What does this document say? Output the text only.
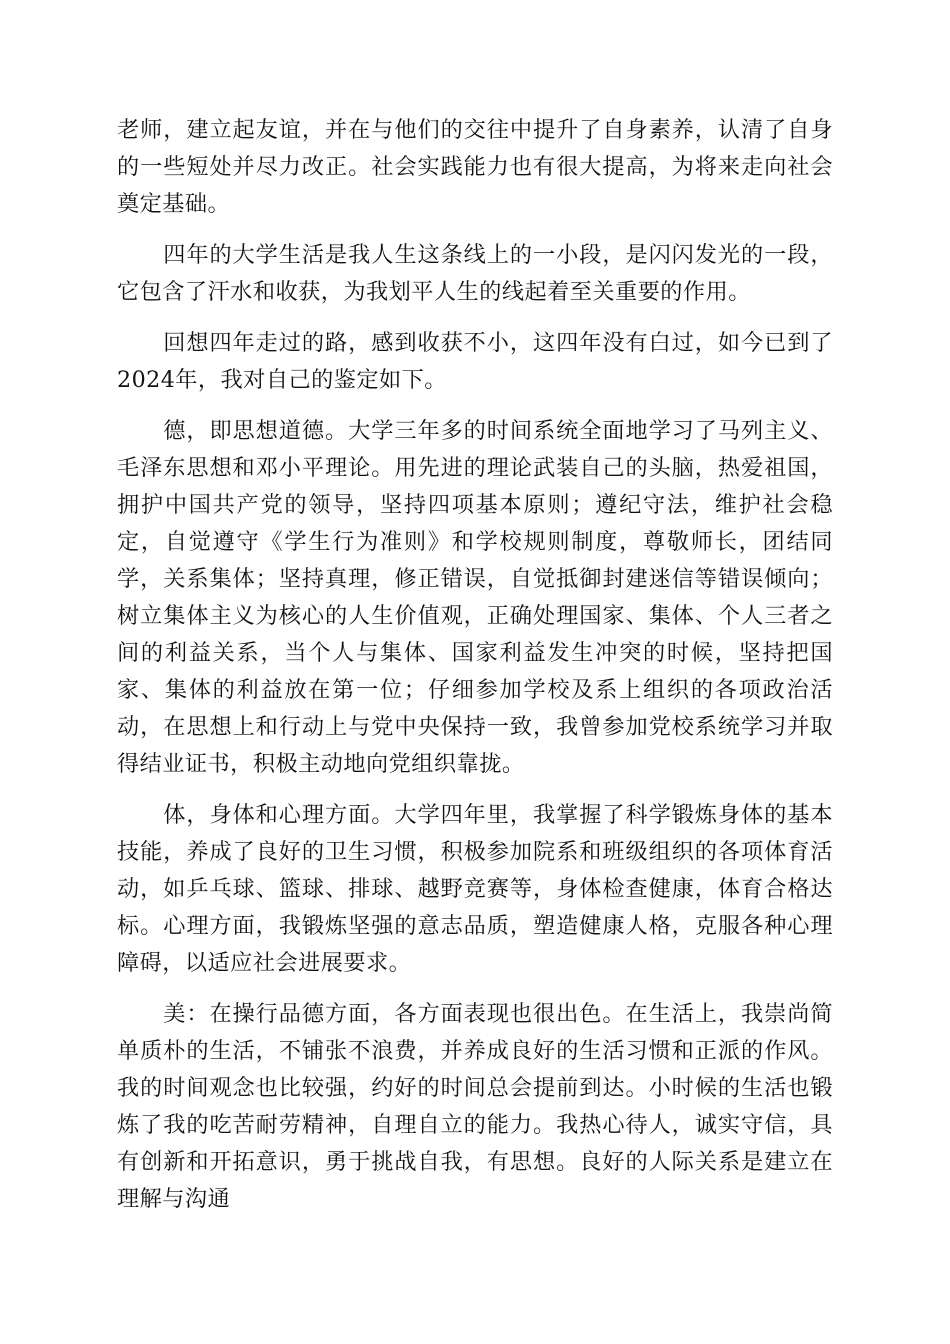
老师，建立起友谊，并在与他们的交往中提升了自身素养，认清了自身的一些短处并尽力改正。社会实践能力也有很大提高，为将来走向社会奠定基础。

　　四年的大学生活是我人生这条线上的一小段，是闪闪发光的一段，它包含了汗水和收获，为我划平人生的线起着至关重要的作用。

　　回想四年走过的路，感到收获不小，这四年没有白过，如今已到了2024年，我对自己的鉴定如下。

　　德，即思想道德。大学三年多的时间系统全面地学习了马列主义、毛泽东思想和邓小平理论。用先进的理论武装自己的头脑，热爱祖国，拥护中国共产党的领导，坚持四项基本原则；遵纪守法，维护社会稳定，自觉遵守《学生行为准则》和学校规则制度，尊敬师长，团结同学，关系集体；坚持真理，修正错误，自觉抵御封建迷信等错误倾向；树立集体主义为核心的人生价值观，正确处理国家、集体、个人三者之间的利益关系，当个人与集体、国家利益发生冲突的时候，坚持把国家、集体的利益放在第一位；仔细参加学校及系上组织的各项政治活动，在思想上和行动上与党中央保持一致，我曾参加党校系统学习并取得结业证书，积极主动地向党组织靠拢。

　　体，身体和心理方面。大学四年里，我掌握了科学锻炼身体的基本技能，养成了良好的卫生习惯，积极参加院系和班级组织的各项体育活动，如乒乓球、篮球、排球、越野竞赛等，身体检查健康，体育合格达标。心理方面，我锻炼坚强的意志品质，塑造健康人格，克服各种心理障碍，以适应社会进展要求。

　　美：在操行品德方面，各方面表现也很出色。在生活上，我崇尚简单质朴的生活，不铺张不浪费，并养成良好的生活习惯和正派的作风。我的时间观念也比较强，约好的时间总会提前到达。小时候的生活也锻炼了我的吃苦耐劳精神，自理自立的能力。我热心待人，诚实守信，具有创新和开拓意识，勇于挑战自我，有思想。良好的人际关系是建立在理解与沟通
